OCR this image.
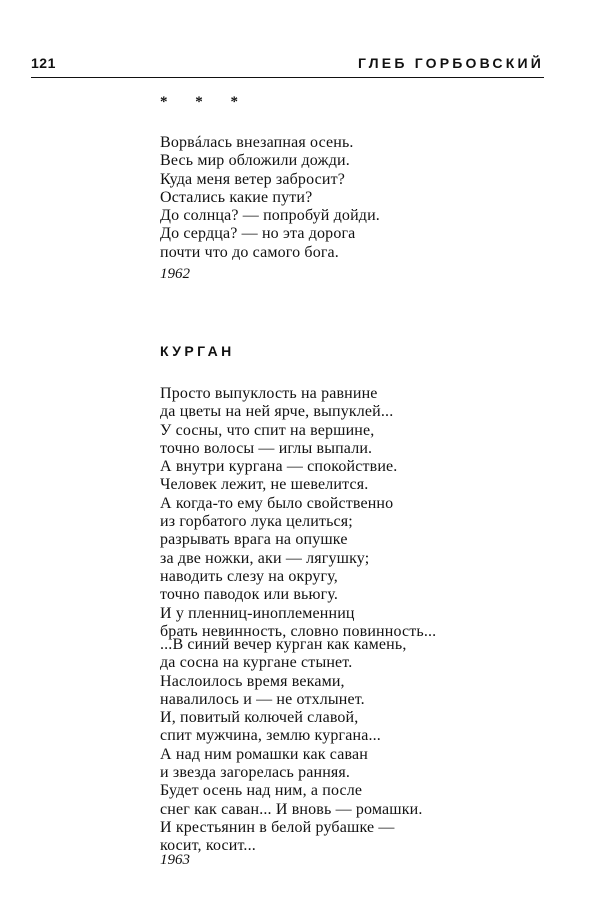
121	ГЛЕБ ГОРБОВСКИЙ
* * *

Ворвáлась внезапная осень.
Весь мир обложили дожди.
Куда меня ветер забросит?
Остались какие пути?
До солнца? — попробуй дойди.
До сердца? — но эта дорога
почти что до самого бога.

1962
КУРГАН

Просто выпуклость на равнине
да цветы на ней ярче, выпуклей...
У сосны, что спит на вершине,
точно волосы — иглы выпали.
А внутри кургана — спокойствие.
Человек лежит, не шевелится.
А когда-то ему было свойственно
из горбатого лука целиться;
разрывать врага на опушке
за две ножки, аки — лягушку;
наводить слезу на округу,
точно паводок или вьюгу.
И у пленниц-иноплеменниц
брать невинность, словно повинность...

...В синий вечер курган как камень,
да сосна на кургане стынет.
Наслоилось время веками,
навалилось и — не отхлынет.
И, повитый колючей славой,
спит мужчина, землю кургана...
А над ним ромашки как саван
и звезда загорелась ранняя.
Будет осень над ним, а после
снег как саван... И вновь — ромашки.
И крестьянин в белой рубашке —
косит, косит...

1963
